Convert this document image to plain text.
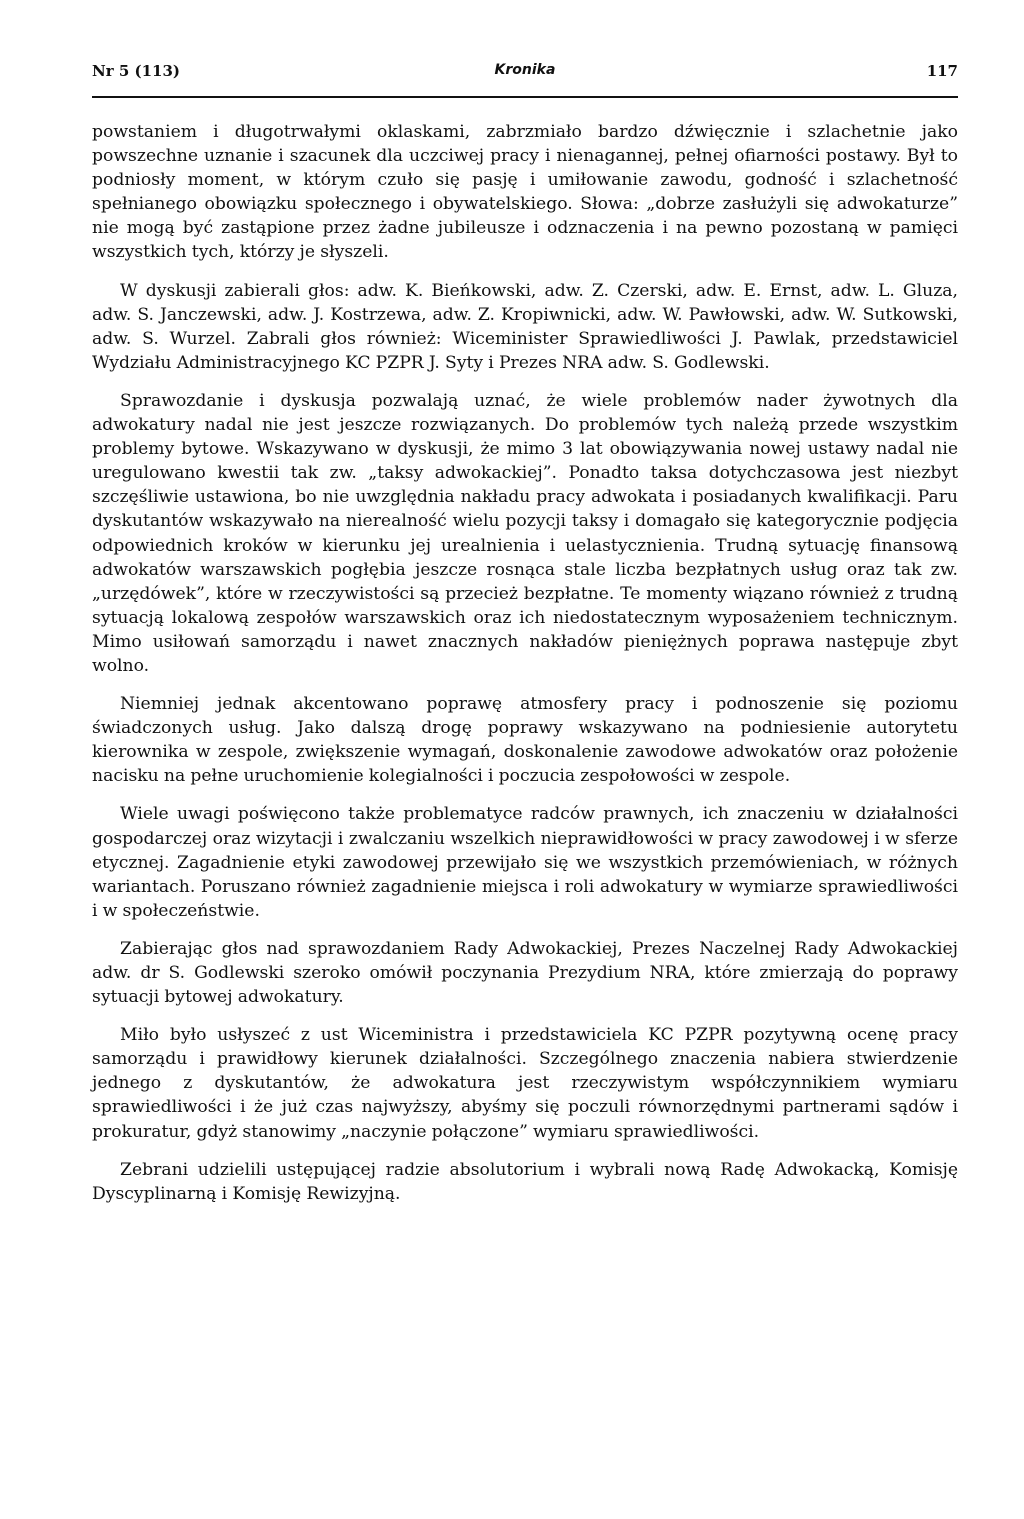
Nr 5 (113)	Kronika	117

powstaniem i długotrwałymi oklaskami, zabrzmiało bardzo dźwięcznie i szlachetnie jako powszechne uznanie i szacunek dla uczciwej pracy i nienagannej, pełnej ofiarności postawy. Był to podniosły moment, w którym czuło się pasję i umiłowanie zawodu, godność i szlachetność spełnianego obowiązku społecznego i obywatelskiego. Słowa: „dobrze zasłużyli się adwokaturze” nie mogą być zastąpione przez żadne jubileusze i odznaczenia i na pewno pozostaną w pamięci wszystkich tych, którzy je słyszeli.

W dyskusji zabierali głos: adw. K. Bieńkowski, adw. Z. Czerski, adw. E. Ernst, adw. L. Gluza, adw. S. Janczewski, adw. J. Kostrzewa, adw. Z. Kropiwnicki, adw. W. Pawłowski, adw. W. Sutkowski, adw. S. Wurzel. Zabrali głos również: Wiceminister Sprawiedliwości J. Pawlak, przedstawiciel Wydziału Administracyjnego KC PZPR J. Syty i Prezes NRA adw. S. Godlewski.

Sprawozdanie i dyskusja pozwalają uznać, że wiele problemów nader żywotnych dla adwokatury nadal nie jest jeszcze rozwiązanych. Do problemów tych należą przede wszystkim problemy bytowe. Wskazywano w dyskusji, że mimo 3 lat obowiązywania nowej ustawy nadal nie uregulowano kwestii tak zw. „taksy adwokackiej”. Ponadto taksa dotychczasowa jest niezbyt szczęśliwie ustawiona, bo nie uwzględnia nakładu pracy adwokata i posiadanych kwalifikacji. Paru dyskutantów wskazywało na nierealność wielu pozycji taksy i domagało się kategorycznie podjęcia odpowiednich kroków w kierunku jej urealnienia i uelastycznienia. Trudną sytuację finansową adwokatów warszawskich pogłębia jeszcze rosnąca stale liczba bezpłatnych usług oraz tak zw. „urzędówek”, które w rzeczywistości są przecież bezpłatne. Te momenty wiązano również z trudną sytuacją lokalową zespołów warszawskich oraz ich niedostatecznym wyposażeniem technicznym. Mimo usiłowań samorządu i nawet znacznych nakładów pieniężnych poprawa następuje zbyt wolno.

Niemniej jednak akcentowano poprawę atmosfery pracy i podnoszenie się poziomu świadczonych usług. Jako dalszą drogę poprawy wskazywano na podniesienie autorytetu kierownika w zespole, zwiększenie wymagań, doskonalenie zawodowe adwokatów oraz położenie nacisku na pełne uruchomienie kolegialności i poczucia zespołowości w zespole.

Wiele uwagi poświęcono także problematyce radców prawnych, ich znaczeniu w działalności gospodarczej oraz wizytacji i zwalczaniu wszelkich nieprawidłowości w pracy zawodowej i w sferze etycznej. Zagadnienie etyki zawodowej przewijało się we wszystkich przemówieniach, w różnych wariantach. Poruszano również zagadnienie miejsca i roli adwokatury w wymiarze sprawiedliwości i w społeczeństwie.

Zabierając głos nad sprawozdaniem Rady Adwokackiej, Prezes Naczelnej Rady Adwokackiej adw. dr S. Godlewski szeroko omówił poczynania Prezydium NRA, które zmierzają do poprawy sytuacji bytowej adwokatury.

Miło było usłyszeć z ust Wiceministra i przedstawiciela KC PZPR pozytywną ocenę pracy samorządu i prawidłowy kierunek działalności. Szczególnego znaczenia nabiera stwierdzenie jednego z dyskutantów, że adwokatura jest rzeczywistym współczynnikiem wymiaru sprawiedliwości i że już czas najwyższy, abyśmy się poczuli równorzędnymi partnerami sądów i prokuratur, gdyż stanowimy „naczynie połączone” wymiaru sprawiedliwości.

Zebrani udzielili ustępującej radzie absolutorium i wybrali nową Radę Adwokacką, Komisję Dyscyplinarną i Komisję Rewizyjną.
